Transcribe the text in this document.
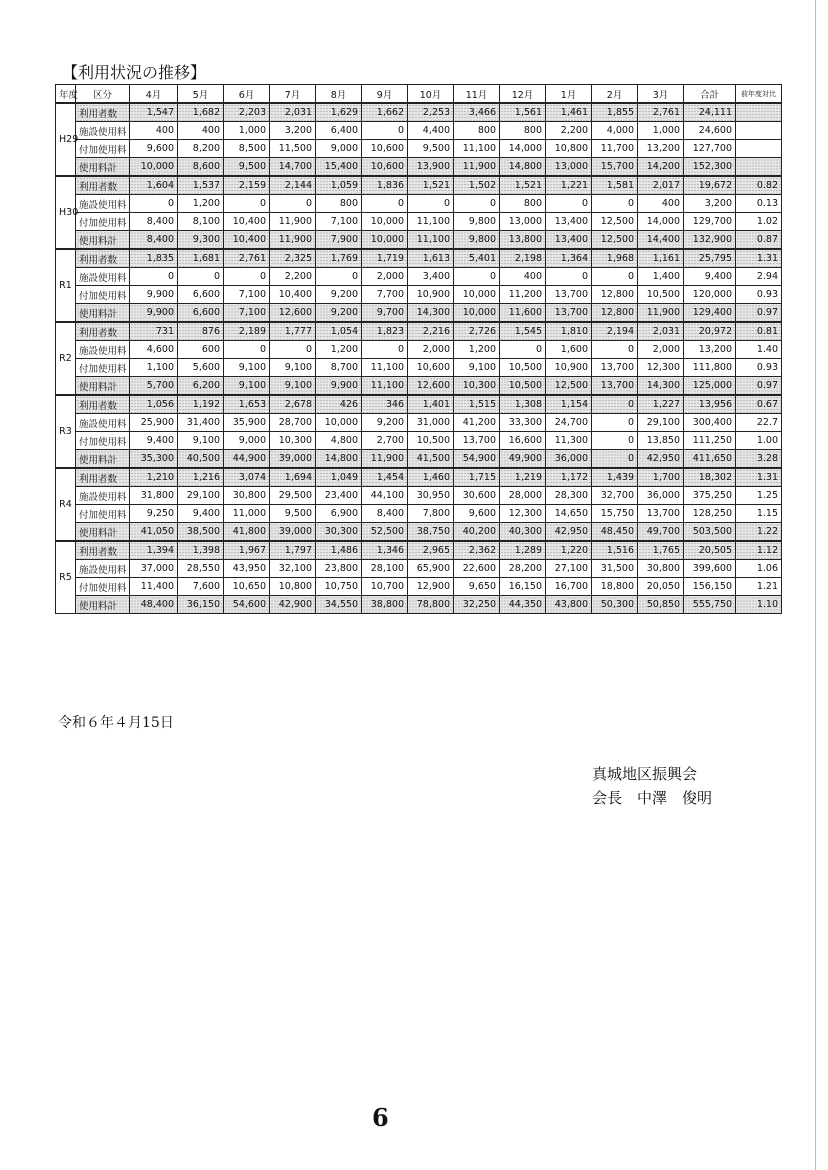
【利用状況の推移】
年度	区分	4月	5月	6月	7月	8月	9月	10月	11月	12月	1月	2月	3月	合計	前年度対比
H29	利用者数	1,547	1,682	2,203	2,031	1,629	1,662	2,253	3,466	1,561	1,461	1,855	2,761	24,111	
	施設使用料	400	400	1,000	3,200	6,400	0	4,400	800	800	2,200	4,000	1,000	24,600	
	付加使用料	9,600	8,200	8,500	11,500	9,000	10,600	9,500	11,100	14,000	10,800	11,700	13,200	127,700	
	使用料計	10,000	8,600	9,500	14,700	15,400	10,600	13,900	11,900	14,800	13,000	15,700	14,200	152,300	
H30	利用者数	1,604	1,537	2,159	2,144	1,059	1,836	1,521	1,502	1,521	1,221	1,581	2,017	19,672	0.82
	施設使用料	0	1,200	0	0	800	0	0	0	800	0	0	400	3,200	0.13
	付加使用料	8,400	8,100	10,400	11,900	7,100	10,000	11,100	9,800	13,000	13,400	12,500	14,000	129,700	1.02
	使用料計	8,400	9,300	10,400	11,900	7,900	10,000	11,100	9,800	13,800	13,400	12,500	14,400	132,900	0.87
R1	利用者数	1,835	1,681	2,761	2,325	1,769	1,719	1,613	5,401	2,198	1,364	1,968	1,161	25,795	1.31
	施設使用料	0	0	0	2,200	0	2,000	3,400	0	400	0	0	1,400	9,400	2.94
	付加使用料	9,900	6,600	7,100	10,400	9,200	7,700	10,900	10,000	11,200	13,700	12,800	10,500	120,000	0.93
	使用料計	9,900	6,600	7,100	12,600	9,200	9,700	14,300	10,000	11,600	13,700	12,800	11,900	129,400	0.97
R2	利用者数	731	876	2,189	1,777	1,054	1,823	2,216	2,726	1,545	1,810	2,194	2,031	20,972	0.81
	施設使用料	4,600	600	0	0	1,200	0	2,000	1,200	0	1,600	0	2,000	13,200	1.40
	付加使用料	1,100	5,600	9,100	9,100	8,700	11,100	10,600	9,100	10,500	10,900	13,700	12,300	111,800	0.93
	使用料計	5,700	6,200	9,100	9,100	9,900	11,100	12,600	10,300	10,500	12,500	13,700	14,300	125,000	0.97
R3	利用者数	1,056	1,192	1,653	2,678	426	346	1,401	1,515	1,308	1,154	0	1,227	13,956	0.67
	施設使用料	25,900	31,400	35,900	28,700	10,000	9,200	31,000	41,200	33,300	24,700	0	29,100	300,400	22.7
	付加使用料	9,400	9,100	9,000	10,300	4,800	2,700	10,500	13,700	16,600	11,300	0	13,850	111,250	1.00
	使用料計	35,300	40,500	44,900	39,000	14,800	11,900	41,500	54,900	49,900	36,000	0	42,950	411,650	3.28
R4	利用者数	1,210	1,216	3,074	1,694	1,049	1,454	1,460	1,715	1,219	1,172	1,439	1,700	18,302	1.31
	施設使用料	31,800	29,100	30,800	29,500	23,400	44,100	30,950	30,600	28,000	28,300	32,700	36,000	375,250	1.25
	付加使用料	9,250	9,400	11,000	9,500	6,900	8,400	7,800	9,600	12,300	14,650	15,750	13,700	128,250	1.15
	使用料計	41,050	38,500	41,800	39,000	30,300	52,500	38,750	40,200	40,300	42,950	48,450	49,700	503,500	1.22
R5	利用者数	1,394	1,398	1,967	1,797	1,486	1,346	2,965	2,362	1,289	1,220	1,516	1,765	20,505	1.12
	施設使用料	37,000	28,550	43,950	32,100	23,800	28,100	65,900	22,600	28,200	27,100	31,500	30,800	399,600	1.06
	付加使用料	11,400	7,600	10,650	10,800	10,750	10,700	12,900	9,650	16,150	16,700	18,800	20,050	156,150	1.21
	使用料計	48,400	36,150	54,600	42,900	34,550	38,800	78,800	32,250	44,350	43,800	50,300	50,850	555,750	1.10
令和６年４月15日
真城地区振興会
会長　中澤　俊明
6
